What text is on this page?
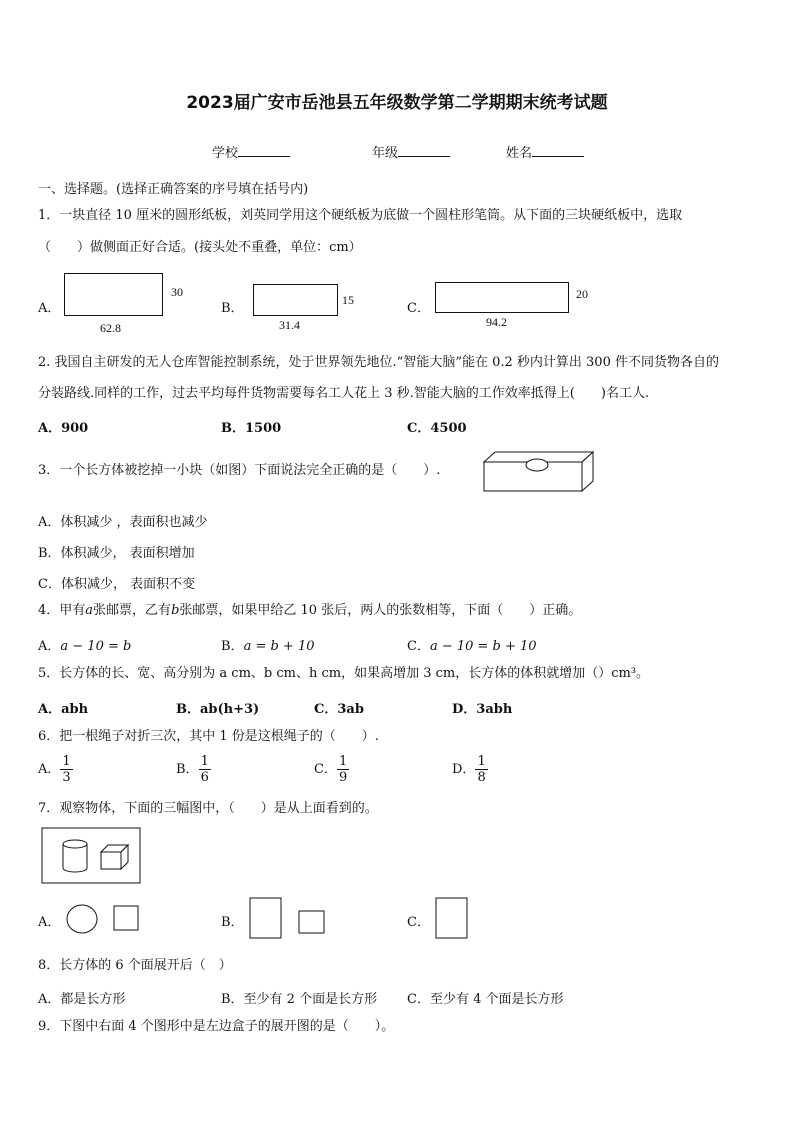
2023届广安市岳池县五年级数学第二学期期末统考试题
学校	年级	姓名
一、选择题。(选择正确答案的序号填在括号内)
1．一块直径 10 厘米的圆形纸板，刘英同学用这个硬纸板为底做一个圆柱形笔筒。从下面的三块硬纸板中，选取
（　　）做侧面正好合适。(接头处不重叠，单位：cm）
A．
62.8
30
B．
31.4
15
C．
94.2
20
2. 我国自主研发的无人仓库智能控制系统，处于世界领先地位.“智能大脑”能在 0.2 秒内计算出 300 件不同货物各自的
分装路线.同样的工作，过去平均每件货物需要每名工人花上 3 秒.智能大脑的工作效率抵得上(　　)名工人.
A．900	B．1500	C．4500
3．一个长方体被挖掉一小块（如图）下面说法完全正确的是（　　）.
A．体积减少 ，表面积也减少
B．体积减少， 表面积增加
C．体积减少， 表面积不变
4．甲有a张邮票，乙有b张邮票，如果甲给乙 10 张后，两人的张数相等，下面（　　）正确。
A．a − 10 = b	B．a = b + 10	C．a − 10 = b + 10
5．长方体的长、宽、高分别为 a cm、b cm、h cm，如果高增加 3 cm，长方体的体积就增加（）cm³。
A．abh	B．ab(h+3)	C．3ab	D．3abh
6．把一根绳子对折三次，其中 1 份是这根绳子的（　　）.
A． $\frac{1}{3}$	B． $\frac{1}{6}$	C． $\frac{1}{9}$	D． $\frac{1}{8}$
7．观察物体，下面的三幅图中，（　　）是从上面看到的。
A．	B．	C．
8．长方体的 6 个面展开后（　）
A．都是长方形	B．至少有 2 个面是长方形 C．至少有 4 个面是长方形
9．下图中右面 4 个图形中是左边盒子的展开图的是（　　）。
